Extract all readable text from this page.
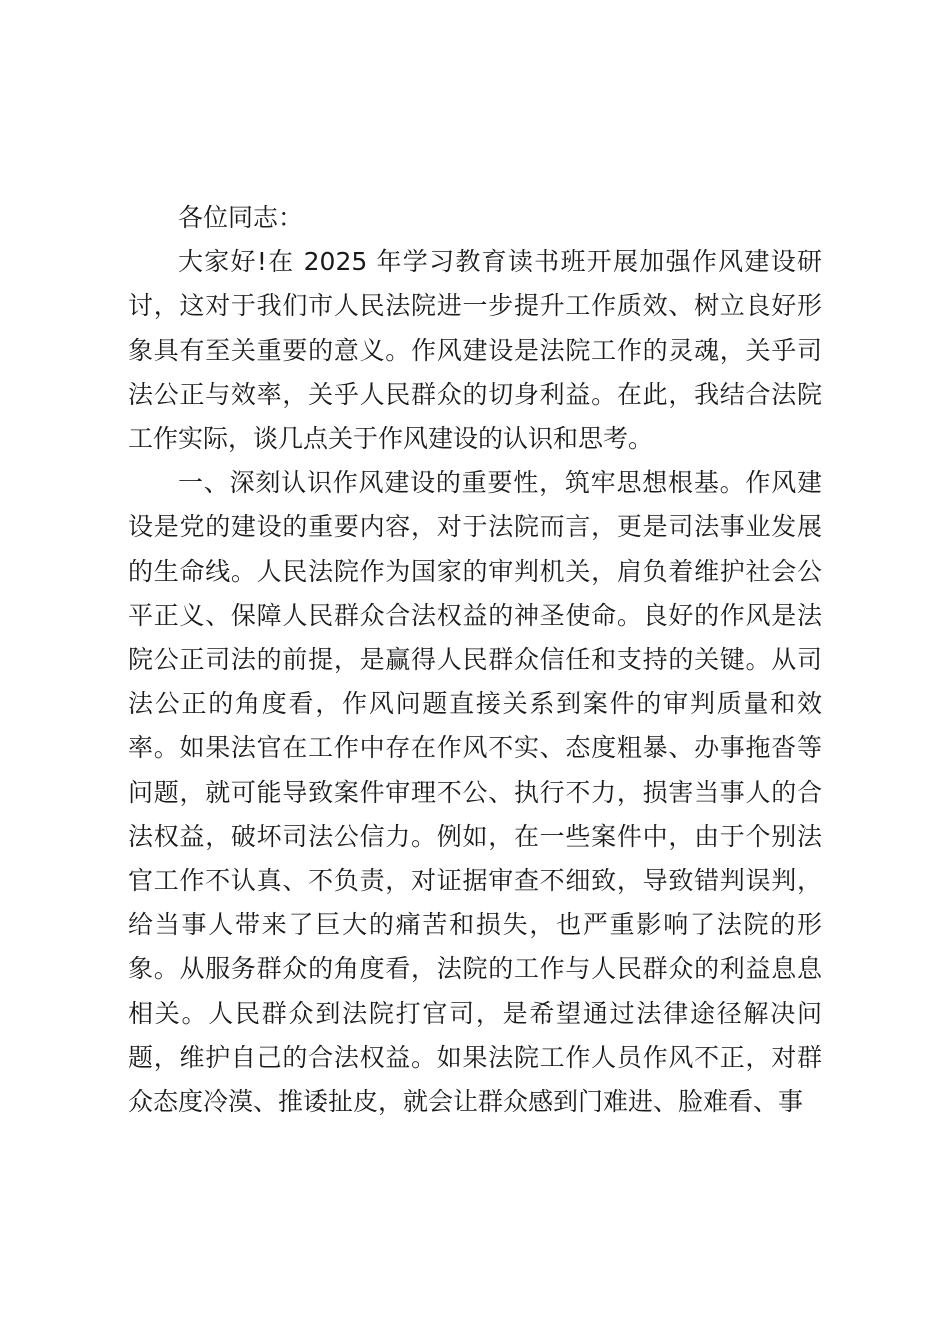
各位同志：

大家好!在 2025 年学习教育读书班开展加强作风建设研讨，这对于我们市人民法院进一步提升工作质效、树立良好形象具有至关重要的意义。作风建设是法院工作的灵魂，关乎司法公正与效率，关乎人民群众的切身利益。在此，我结合法院工作实际，谈几点关于作风建设的认识和思考。

一、深刻认识作风建设的重要性，筑牢思想根基。作风建设是党的建设的重要内容，对于法院而言，更是司法事业发展的生命线。人民法院作为国家的审判机关，肩负着维护社会公平正义、保障人民群众合法权益的神圣使命。良好的作风是法院公正司法的前提，是赢得人民群众信任和支持的关键。从司法公正的角度看，作风问题直接关系到案件的审判质量和效率。如果法官在工作中存在作风不实、态度粗暴、办事拖沓等问题，就可能导致案件审理不公、执行不力，损害当事人的合法权益，破坏司法公信力。例如，在一些案件中，由于个别法官工作不认真、不负责，对证据审查不细致，导致错判误判，给当事人带来了巨大的痛苦和损失，也严重影响了法院的形象。从服务群众的角度看，法院的工作与人民群众的利益息息相关。人民群众到法院打官司，是希望通过法律途径解决问题，维护自己的合法权益。如果法院工作人员作风不正，对群众态度冷漠、推诿扯皮，就会让群众感到门难进、脸难看、事
